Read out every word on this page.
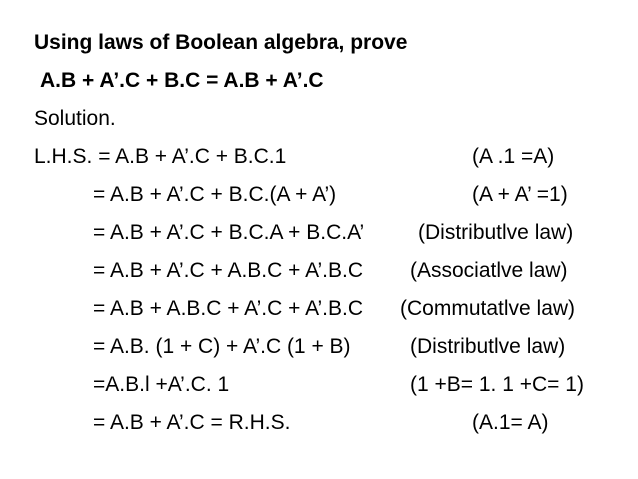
Using laws of Boolean algebra, prove
A.B + A’.C + B.C = A.B + A’.C
Solution.
L.H.S. = A.B + A’.C + B.C.1	(A .1 =A)
= A.B + A’.C + B.C.(A + A’)	(A + A’ =1)
= A.B + A’.C + B.C.A + B.C.A’	(Distributlve law)
= A.B + A’.C + A.B.C + A’.B.C (Associatlve law)
= A.B + A.B.C + A’.C + A’.B.C (Commutatlve law)
= A.B. (1 + C) + A’.C (1 + B)	(Distributlve law)
=A.B.l +A’.C. 1	(1 +B= 1. 1 +C= 1)
= A.B + A’.C = R.H.S.	(A.1= A)
